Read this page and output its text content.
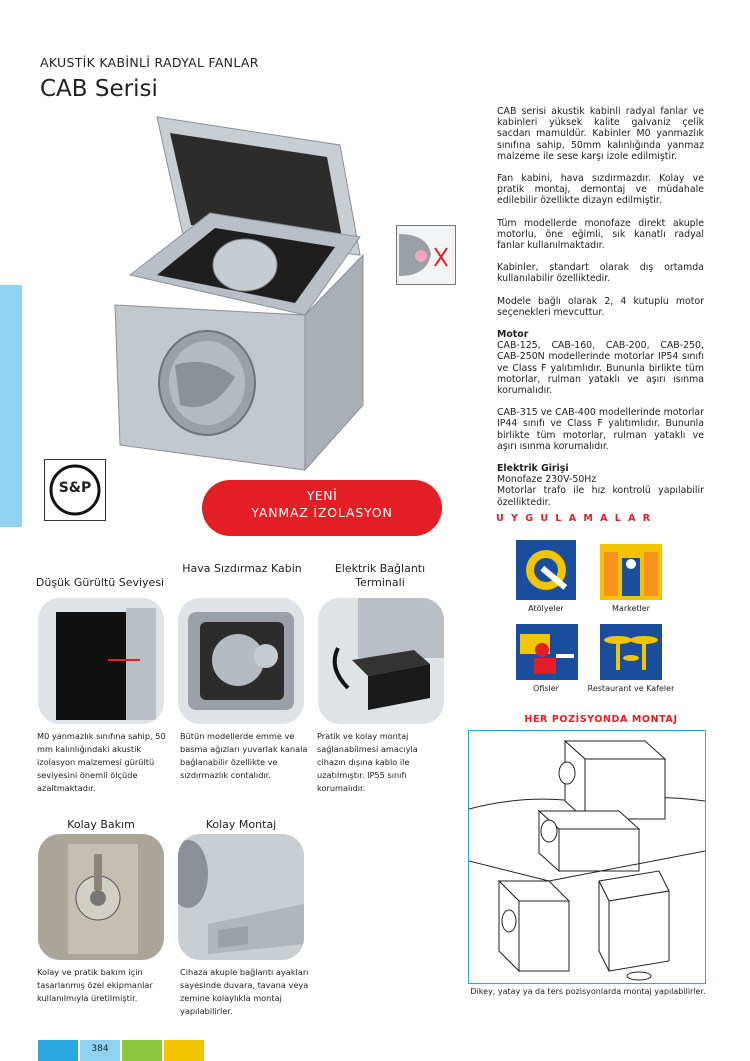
AKUSTİK KABİNLİ RADYAL FANLAR
CAB Serisi
S&P	YENİ
YANMAZ İZOLASYON
CAB serisi akustik kabinli radyal fanlar ve kabinleri yüksek kalite galvaniz çelik sacdan mamuldür. Kabinler M0 yanmazlık sınıfına sahip, 50mm kalınlığında yanmaz malzeme ile sese karşı izole edilmiştir.
Fan kabini, hava sızdırmazdır. Kolay ve pratik montaj, demontaj ve müdahale edilebilir özellikte dizayn edilmiştir.
Tüm modellerde monofaze direkt akuple motorlu, öne eğimli, sık kanatlı radyal fanlar kullanılmaktadır.
Kabinler, standart olarak dış ortamda kullanılabilir özelliktedir.
Modele bağlı olarak 2, 4 kutuplu motor seçenekleri mevcuttur.
Motor
CAB-125, CAB-160, CAB-200, CAB-250, CAB-250N modellerinde motorlar IP54 sınıfı ve Class F yalıtımlıdır. Bununla birlikte tüm motorlar, rulman yataklı ve aşırı ısınma korumalıdır.
CAB-315 ve CAB-400 modellerinde motorlar IP44 sınıfı ve Class F yalıtımlıdır. Bununla birlikte tüm motorlar, rulman yataklı ve aşırı ısınma korumalıdır.
Elektrik Girişi
Monofaze 230V-50Hz
Motorlar trafo ile hız kontrolü yapılabilir özelliktedir.
U Y G U L A M A L A R
Atölyeler	Marketler
Ofisler	Restaurant ve Kafeler
HER POZİSYONDA MONTAJ
Dikey, yatay ya da ters pozisyonlarda montaj yapılabilirler.
Düşük Gürültü Seviyesi
M0 yanmazlık sınıfına sahip, 50 mm kalınlığındaki akustik izolasyon malzemesi gürültü seviyesini önemli ölçüde azaltmaktadır.
Hava Sızdırmaz Kabin
Bütün modellerde emme ve basma ağızları yuvarlak kanala bağlanabilir özellikte ve sızdırmazlık contalıdır.
Elektrik Bağlantı Terminali
Pratik ve kolay montaj sağlanabilmesi amacıyla cihazın dışına kablo ile uzatılmıştır. IP55 sınıfı korumalıdır.
Kolay Bakım
Kolay ve pratik bakım için tasarlanmış özel ekipmanlar kullanılmıyla üretilmiştir.
Kolay Montaj
Cihaza akuple bağlantı ayakları sayesinde duvara, tavana veya zemine kolaylıkla montaj yapılabilirler.
384
